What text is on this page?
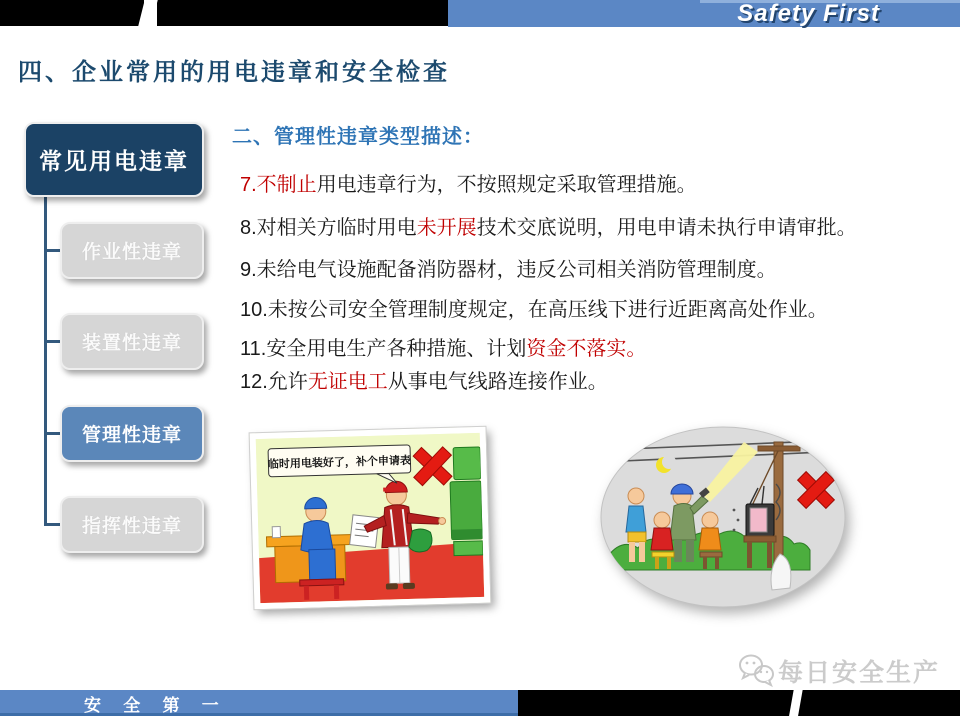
Safety First
四、企业常用的用电违章和安全检查
常见用电违章
作业性违章
装置性违章
管理性违章
指挥性违章
二、管理性违章类型描述：
7.不制止用电违章行为，不按照规定采取管理措施。
8.对相关方临时用电未开展技术交底说明，用电申请未执行申请审批。
9.未给电气设施配备消防器材，违反公司相关消防管理制度。
10.未按公司安全管理制度规定，在高压线下进行近距离高处作业。
11.安全用电生产各种措施、计划资金不落实。
12.允许无证电工从事电气线路连接作业。
临时用电装好了，补个申请表
每日安全生产
安 全 第 一
